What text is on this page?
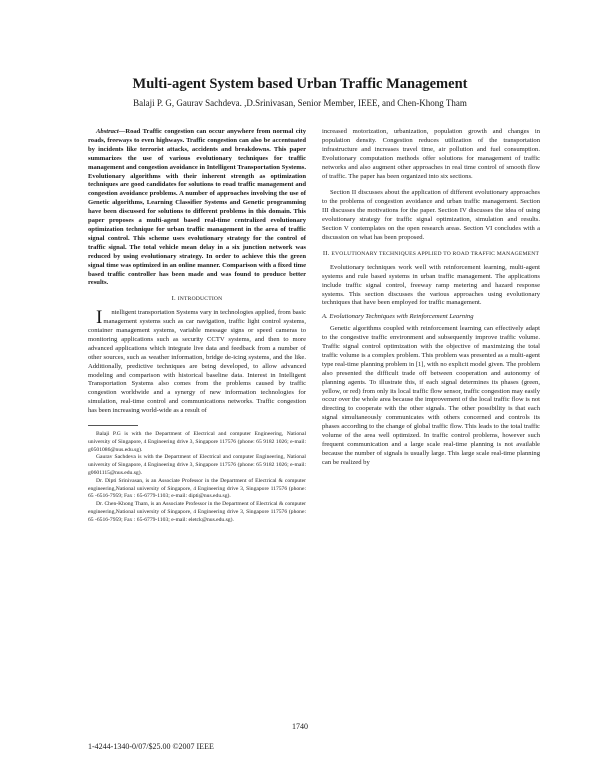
Multi-agent System based Urban Traffic Management
Balaji P. G, Gaurav Sachdeva. ,D.Srinivasan, Senior Member, IEEE, and Chen-Khong Tham

Abstract—Road Traffic congestion can occur anywhere from normal city roads, freeways to even highways. Traffic congestion can also be accentuated by incidents like terrorist attacks, accidents and breakdowns. This paper summarizes the use of various evolutionary techniques for traffic management and congestion avoidance in Intelligent Transportation Systems. Evolutionary algorithms with their inherent strength as optimization techniques are good candidates for solutions to road traffic management and congestion avoidance problems. A number of approaches involving the use of Genetic algorithms, Learning Classifier Systems and Genetic programming have been discussed for solutions to different problems in this domain. This paper proposes a multi-agent based real-time centralized evolutionary optimization technique for urban traffic management in the area of traffic signal control. This scheme uses evolutionary strategy for the control of traffic signal. The total vehicle mean delay in a six junction network was reduced by using evolutionary strategy. In order to achieve this the green signal time was optimized in an online manner. Comparison with a fixed time based traffic controller has been made and was found to produce better results.

I. INTRODUCTION

I ntelligent transportation Systems vary in technologies applied, from basic management systems such as car navigation, traffic light control systems, container management systems, variable message signs or speed cameras to monitoring applications such as security CCTV systems, and then to more advanced applications which integrate live data and feedback from a number of other sources, such as weather information, bridge de-icing systems, and the like. Additionally, predictive techniques are being developed, to allow advanced modeling and comparison with historical baseline data. Interest in Intelligent Transportation Systems also comes from the problems caused by traffic congestion worldwide and a synergy of new information technologies for simulation, real-time control and communications networks. Traffic congestion has been increasing world-wide as a result of

Balaji P.G is with the Department of Electrical and computer Engineering, National university of Singapore, 4 Engineering drive 3, Singapore 117576 (phone: 65 9182 1026; e-mail: g0501086@nus.edu.sg).

Gaurav Sachdeva is with the Department of Electrical and computer Engineering, National university of Singapore, 4 Engineering drive 3, Singapore 117576 (phone: 65 9182 1026; e-mail: g0601115@nus.edu.sg).

Dr. Dipti Srinivasan, is an Associate Professor in the Department of Electrical & computer engineering,National university of Singapore, 4 Engineering drive 3, Singapore 117576 (phone: 65 -6516-7959; Fax : 65-6779-1103; e-mail: dipti@nus.edu.sg).

Dr. Chen-Khong Tham, is an Associate Professor in the Department of Electrical & computer engineering,National university of Singapore, 4 Engineering drive 3, Singapore 117576 (phone: 65 -6516-7959; Fax : 65-6779-1103; e-mail: eletck@nus.edu.sg).

increased motorization, urbanization, population growth and changes in population density. Congestion reduces utilization of the transportation infrastructure and increases travel time, air pollution and fuel consumption. Evolutionary computation methods offer solutions for management of traffic networks and also augment other approaches in real time control of smooth flow of traffic. The paper has been organized into six sections.

Section II discusses about the application of different evolutionary approaches to the problems of congestion avoidance and urban traffic management. Section III discusses the motivations for the paper. Section IV discusses the idea of using evolutionary strategy for traffic signal optimization, simulation and results. Section V contemplates on the open research areas. Section VI concludes with a discussion on what has been proposed.

II. EVOLUTIONARY TECHNIQUES APPLIED TO ROAD TRAFFIC MANAGEMENT

Evolutionary techniques work well with reinforcement learning, multi-agent systems and rule based systems in urban traffic management. The applications include traffic signal control, freeway ramp metering and hazard response systems. This section discusses the various approaches using evolutionary techniques that have been employed for traffic management.

A. Evolutionary Techniques with Reinforcement Learning

Genetic algorithms coupled with reinforcement learning can effectively adapt to the congestive traffic environment and subsequently improve traffic volume. Traffic signal control optimization with the objective of maximizing the total traffic volume is a complex problem. This problem was presented as a multi-agent type real-time planning problem in [1], with no explicit model given. The problem also presented the difficult trade off between cooperation and autonomy of planning agents. To illustrate this, if each signal determines its phases (green, yellow, or red) from only its local traffic flow sensor, traffic congestion may easily occur over the whole area because the improvement of the local traffic flow is not directing to cooperate with the other signals. The other possibility is that each signal simultaneously communicates with others concerned and controls its phases according to the change of global traffic flow. This leads to the total traffic volume of the area well optimized. In traffic control problems, however such frequent communication and a large scale real-time planning is not available because the number of signals is usually large. This large scale real-time planning can be realized by

1740
1-4244-1340-0/07/$25.00 ©2007 IEEE
